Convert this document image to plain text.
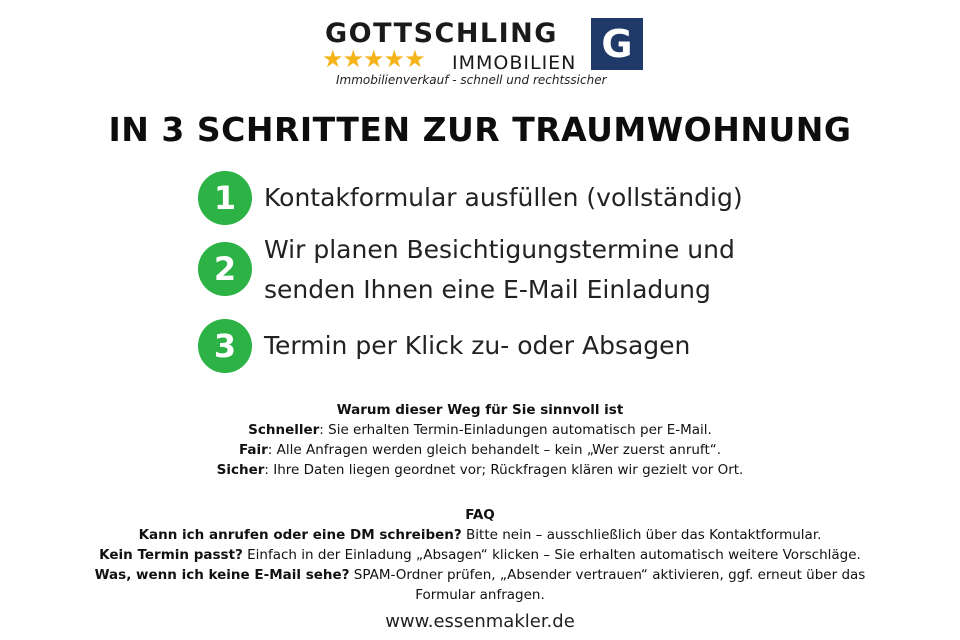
GOTTSCHLING
★★★★★ IMMOBILIEN G
Immobilienverkauf - schnell und rechtssicher
IN 3 SCHRITTEN ZUR TRAUMWOHNUNG
1	Kontakformular ausfüllen (vollständig)
2
Wir planen Besichtigungstermine und
senden Ihnen eine E-Mail Einladung
3	Termin per Klick zu- oder Absagen
Warum dieser Weg für Sie sinnvoll ist
Schneller: Sie erhalten Termin-Einladungen automatisch per E-Mail.
Fair: Alle Anfragen werden gleich behandelt – kein „Wer zuerst anruft“.
Sicher: Ihre Daten liegen geordnet vor; Rückfragen klären wir gezielt vor Ort.
FAQ
Kann ich anrufen oder eine DM schreiben? Bitte nein – ausschließlich über das Kontaktformular.
Kein Termin passt? Einfach in der Einladung „Absagen“ klicken – Sie erhalten automatisch weitere Vorschläge.
Was, wenn ich keine E-Mail sehe? SPAM-Ordner prüfen, „Absender vertrauen“ aktivieren, ggf. erneut über das Formular anfragen.
www.essenmakler.de
